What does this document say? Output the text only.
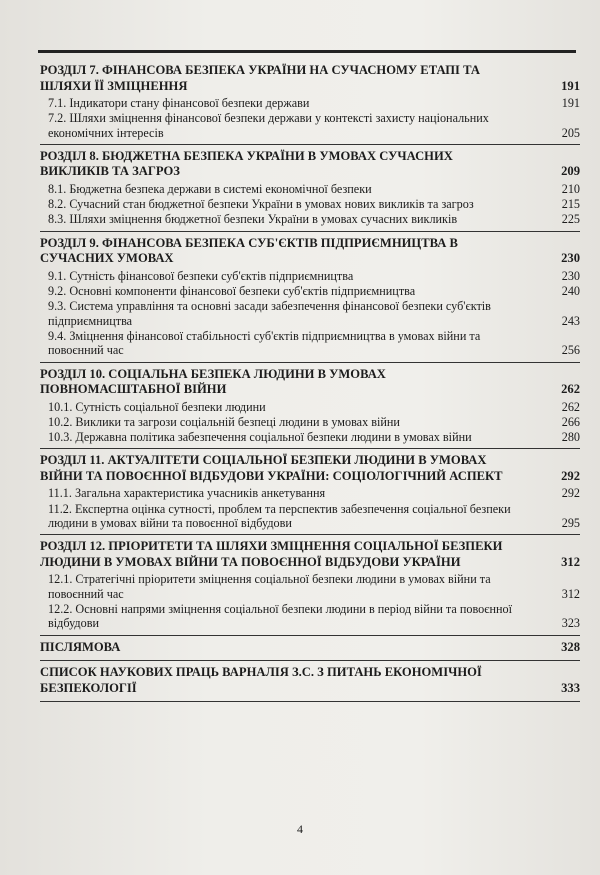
РОЗДІЛ 7. ФІНАНСОВА БЕЗПЕКА УКРАЇНИ НА СУЧАСНОМУ ЕТАПІ ТА ШЛЯХИ ЇЇ ЗМІЦНЕННЯ	191
7.1. Індикатори стану фінансової безпеки держави	191
7.2. Шляхи зміцнення фінансової безпеки держави у контексті захисту національних економічних інтересів	205
РОЗДІЛ 8. БЮДЖЕТНА БЕЗПЕКА УКРАЇНИ В УМОВАХ СУЧАСНИХ ВИКЛИКІВ ТА ЗАГРОЗ	209
8.1. Бюджетна безпека держави в системі економічної безпеки	210
8.2. Сучасний стан бюджетної безпеки України в умовах нових викликів та загроз	215
8.3. Шляхи зміцнення бюджетної безпеки України в умовах сучасних викликів	225
РОЗДІЛ 9. ФІНАНСОВА БЕЗПЕКА СУБ'ЄКТІВ ПІДПРИЄМНИЦТВА В СУЧАСНИХ УМОВАХ	230
9.1. Сутність фінансової безпеки суб'єктів підприємництва	230
9.2. Основні компоненти фінансової безпеки суб'єктів підприємництва	240
9.3. Система управління та основні засади забезпечення фінансової безпеки суб'єктів підприємництва	243
9.4. Зміцнення фінансової стабільності суб'єктів підприємництва в умовах війни та повоєнний час	256
РОЗДІЛ 10. СОЦІАЛЬНА БЕЗПЕКА ЛЮДИНИ В УМОВАХ ПОВНОМАСШТАБНОЇ ВІЙНИ	262
10.1. Сутність соціальної безпеки людини	262
10.2. Виклики та загрози соціальній безпеці людини в умовах війни	266
10.3. Державна політика забезпечення соціальної безпеки людини в умовах війни	280
РОЗДІЛ 11. АКТУАЛІТЕТИ СОЦІАЛЬНОЇ БЕЗПЕКИ ЛЮДИНИ В УМОВАХ ВІЙНИ ТА ПОВОЄННОЇ ВІДБУДОВИ УКРАЇНИ: СОЦІОЛОГІЧНИЙ АСПЕКТ	292
11.1. Загальна характеристика учасників анкетування	292
11.2. Експертна оцінка сутності, проблем та перспектив забезпечення соціальної безпеки людини в умовах війни та повоєнної відбудови	295
РОЗДІЛ 12. ПРІОРИТЕТИ ТА ШЛЯХИ ЗМІЦНЕННЯ СОЦІАЛЬНОЇ БЕЗПЕКИ ЛЮДИНИ В УМОВАХ ВІЙНИ ТА ПОВОЄННОЇ ВІДБУДОВИ УКРАЇНИ	312
12.1. Стратегічні пріоритети зміцнення соціальної безпеки людини в умовах війни та повоєнний час	312
12.2. Основні напрями зміцнення соціальної безпеки людини в період війни та повоєнної відбудови	323
ПІСЛЯМОВА	328
СПИСОК НАУКОВИХ ПРАЦЬ ВАРНАЛІЯ З.С. З ПИТАНЬ ЕКОНОМІЧНОЇ БЕЗПЕКОЛОГІЇ	333
4
